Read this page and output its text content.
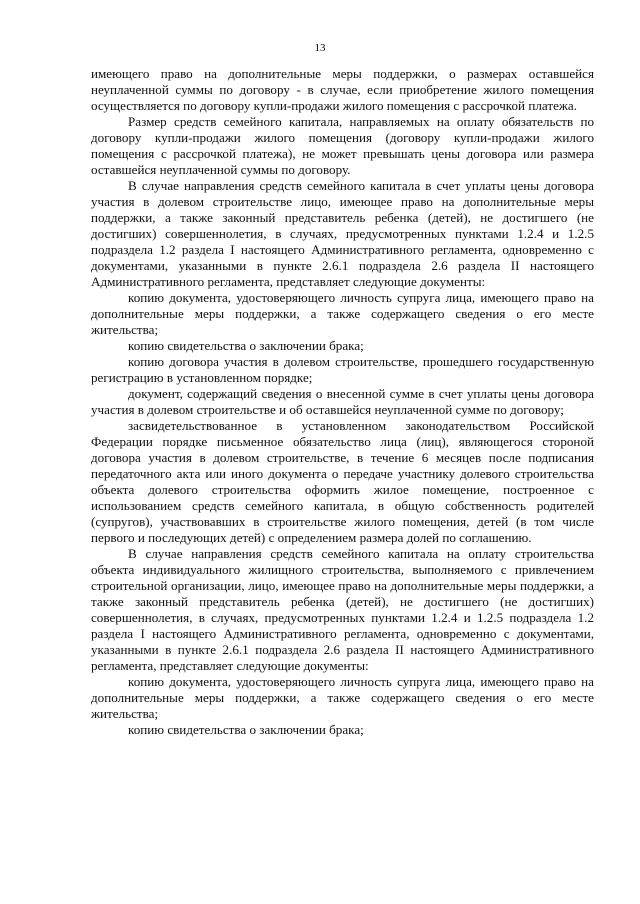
13

имеющего право на дополнительные меры поддержки, о размерах оставшейся неуплаченной суммы по договору - в случае, если приобретение жилого помещения осуществляется по договору купли-продажи жилого помещения с рассрочкой платежа.

Размер средств семейного капитала, направляемых на оплату обязательств по договору купли-продажи жилого помещения (договору купли-продажи жилого помещения с рассрочкой платежа), не может превышать цены договора или размера оставшейся неуплаченной суммы по договору.

В случае направления средств семейного капитала в счет уплаты цены договора участия в долевом строительстве лицо, имеющее право на дополнительные меры поддержки, а также законный представитель ребенка (детей), не достигшего (не достигших) совершеннолетия, в случаях, предусмотренных пунктами 1.2.4 и 1.2.5 подраздела 1.2 раздела I настоящего Административного регламента, одновременно с документами, указанными в пункте 2.6.1 подраздела 2.6 раздела II настоящего Административного регламента, представляет следующие документы:

копию документа, удостоверяющего личность супруга лица, имеющего право на дополнительные меры поддержки, а также содержащего сведения о его месте жительства;

копию свидетельства о заключении брака;

копию договора участия в долевом строительстве, прошедшего государственную регистрацию в установленном порядке;

документ, содержащий сведения о внесенной сумме в счет уплаты цены договора участия в долевом строительстве и об оставшейся неуплаченной сумме по договору;

засвидетельствованное в установленном законодательством Российской Федерации порядке письменное обязательство лица (лиц), являющегося стороной договора участия в долевом строительстве, в течение 6 месяцев после подписания передаточного акта или иного документа о передаче участнику долевого строительства объекта долевого строительства оформить жилое помещение, построенное с использованием средств семейного капитала, в общую собственность родителей (супругов), участвовавших в строительстве жилого помещения, детей (в том числе первого и последующих детей) с определением размера долей по соглашению.

В случае направления средств семейного капитала на оплату строительства объекта индивидуального жилищного строительства, выполняемого с привлечением строительной организации, лицо, имеющее право на дополнительные меры поддержки, а также законный представитель ребенка (детей), не достигшего (не достигших) совершеннолетия, в случаях, предусмотренных пунктами 1.2.4 и 1.2.5 подраздела 1.2 раздела I настоящего Административного регламента, одновременно с документами, указанными в пункте 2.6.1 подраздела 2.6 раздела II настоящего Административного регламента, представляет следующие документы:

копию документа, удостоверяющего личность супруга лица, имеющего право на дополнительные меры поддержки, а также содержащего сведения о его месте жительства;

копию свидетельства о заключении брака;
